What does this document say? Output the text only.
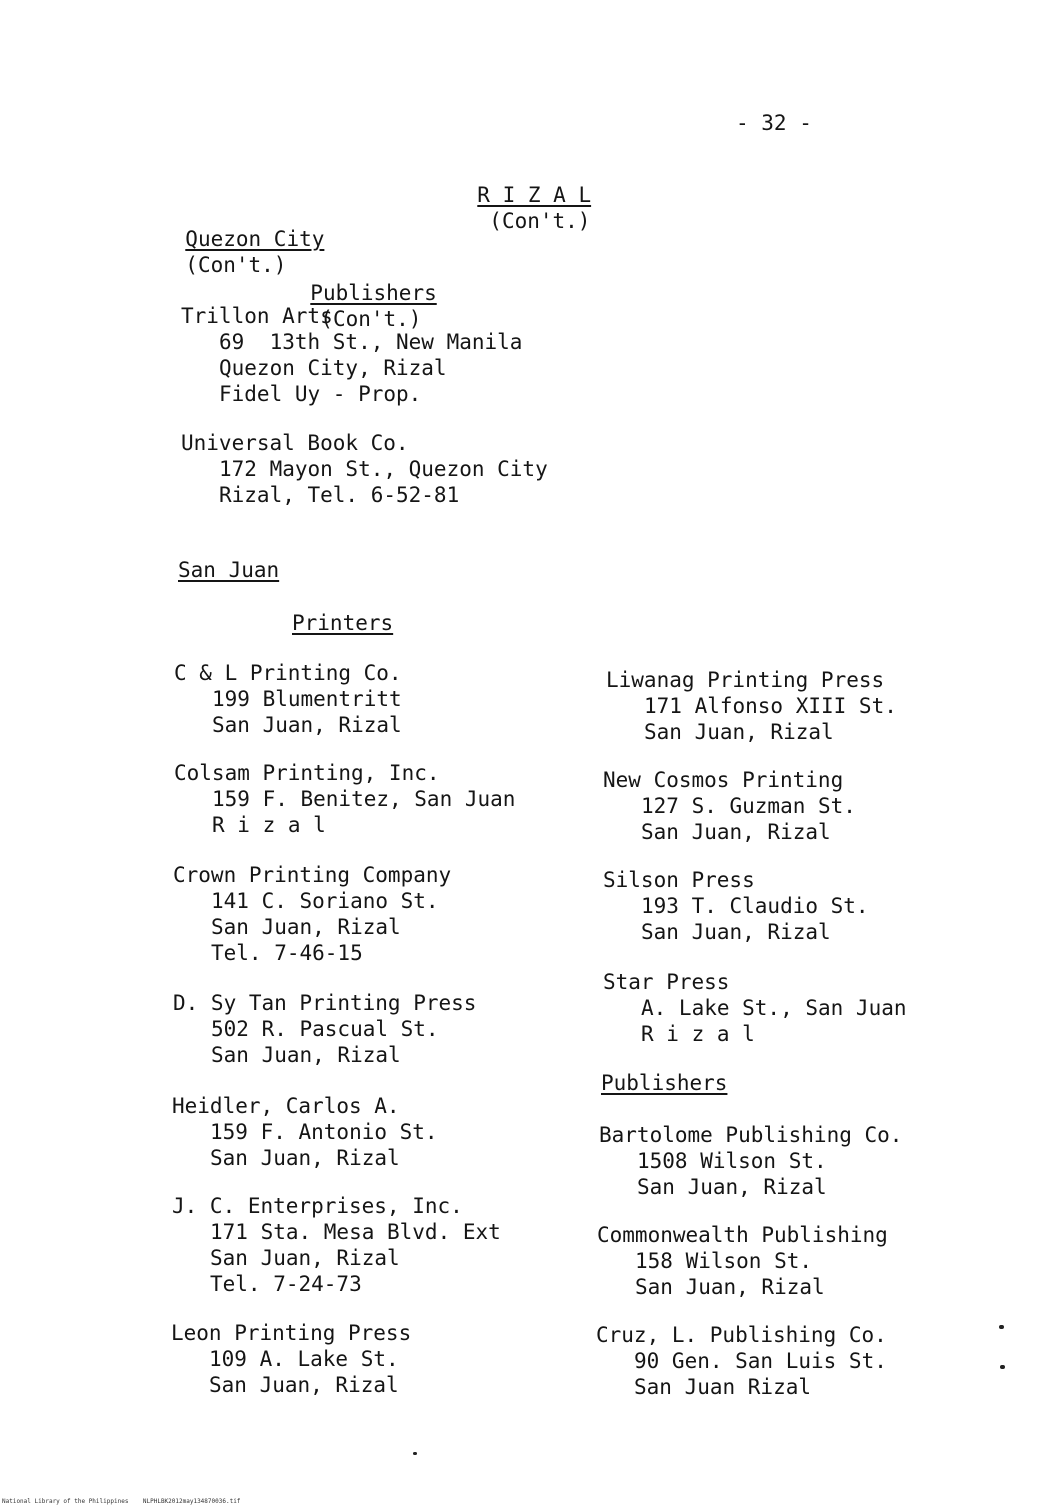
- 32 -

R I Z A L
(Con't.)

Quezon City
(Con't.)

Publishers
(Con't.)

Trillon Arts
69  13th St., New Manila
Quezon City, Rizal
Fidel Uy - Prop.
Universal Book Co.
172 Mayon St., Quezon City
Rizal, Tel. 6-52-81
San Juan
Printers
C & L Printing Co.
199 Blumentritt
San Juan, Rizal
Colsam Printing, Inc.
159 F. Benitez, San Juan
R i z a l
Crown Printing Company
141 C. Soriano St.
San Juan, Rizal
Tel. 7-46-15
D. Sy Tan Printing Press
502 R. Pascual St.
San Juan, Rizal
Heidler, Carlos A.
159 F. Antonio St.
San Juan, Rizal
J. C. Enterprises, Inc.
171 Sta. Mesa Blvd. Ext
San Juan, Rizal
Tel. 7-24-73
Leon Printing Press
109 A. Lake St.
San Juan, Rizal
Liwanag Printing Press
171 Alfonso XIII St.
San Juan, Rizal
New Cosmos Printing
127 S. Guzman St.
San Juan, Rizal
Silson Press
193 T. Claudio St.
San Juan, Rizal
Star Press
A. Lake St., San Juan
R i z a l
Publishers
Bartolome Publishing Co.
1508 Wilson St.
San Juan, Rizal
Commonwealth Publishing
158 Wilson St.
San Juan, Rizal
Cruz, L. Publishing Co.
90 Gen. San Luis St.
San Juan Rizal
National Library of the Philippines    NLPHLBK2012may134870036.tif
